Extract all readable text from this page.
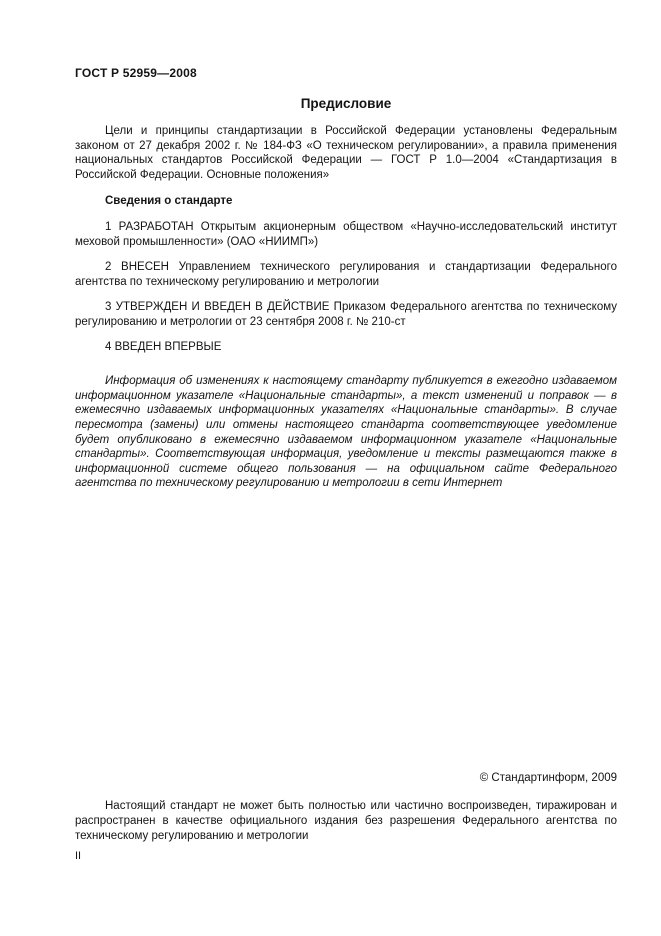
ГОСТ Р 52959—2008
Предисловие

Цели и принципы стандартизации в Российской Федерации установлены Федеральным законом от 27 декабря 2002 г. № 184-ФЗ «О техническом регулировании», а правила применения национальных стандартов Российской Федерации — ГОСТ Р 1.0—2004 «Стандартизация в Российской Федерации. Основные положения»

Сведения о стандарте

1 РАЗРАБОТАН Открытым акционерным обществом «Научно-исследовательский институт меховой промышленности» (ОАО «НИИМП»)

2 ВНЕСЕН Управлением технического регулирования и стандартизации Федерального агентства по техническому регулированию и метрологии

3 УТВЕРЖДЕН И ВВЕДЕН В ДЕЙСТВИЕ Приказом Федерального агентства по техническому регулированию и метрологии от 23 сентября 2008 г. № 210-ст

4 ВВЕДЕН ВПЕРВЫЕ

Информация об изменениях к настоящему стандарту публикуется в ежегодно издаваемом информационном указателе «Национальные стандарты», а текст изменений и поправок — в ежемесячно издаваемых информационных указателях «Национальные стандарты». В случае пересмотра (замены) или отмены настоящего стандарта соответствующее уведомление будет опубликовано в ежемесячно издаваемом информационном указателе «Национальные стандарты». Соответствующая информация, уведомление и тексты размещаются также в информационной системе общего пользования — на официальном сайте Федерального агентства по техническому регулированию и метрологии в сети Интернет

© Стандартинформ, 2009

Настоящий стандарт не может быть полностью или частично воспроизведен, тиражирован и распространен в качестве официального издания без разрешения Федерального агентства по техническому регулированию и метрологии

II
